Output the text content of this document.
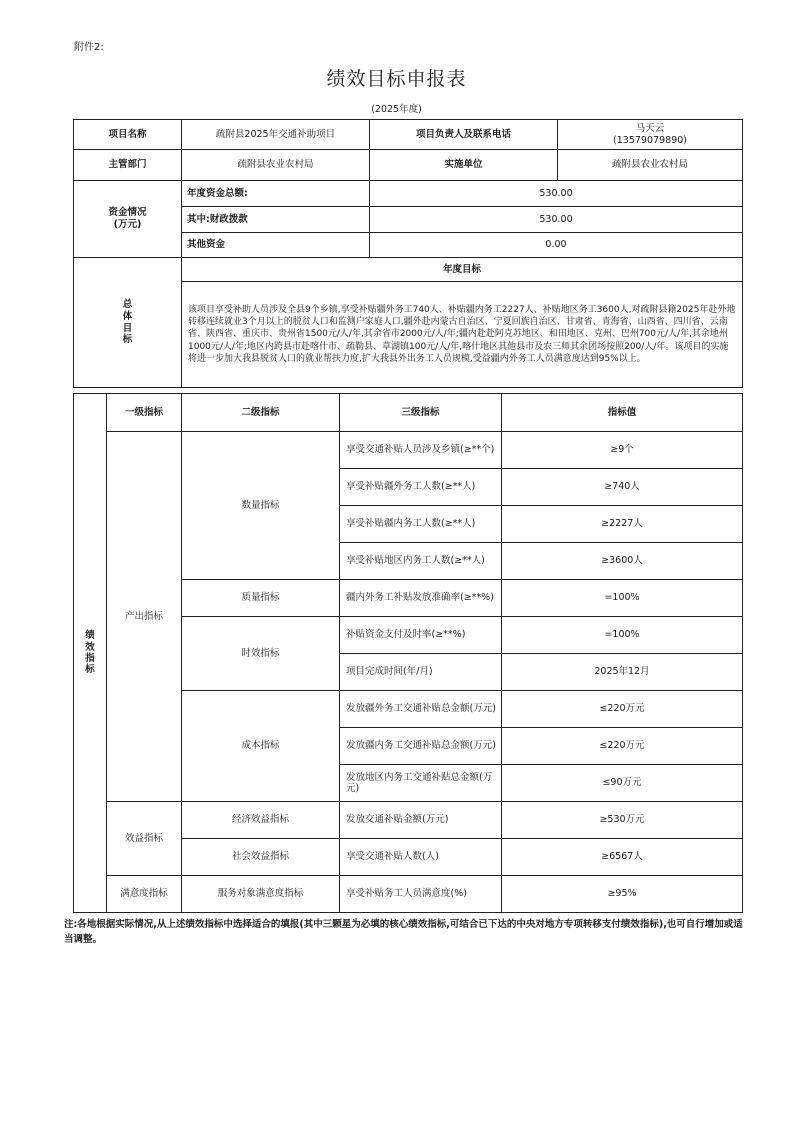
附件2:
绩效目标申报表
(2025年度)
项目名称	疏附县2025年交通补助项目	项目负责人及联系电话	马天云
(13579079890)

主管部门	疏附县农业农村局	实施单位	疏附县农业农村局

资金情况
(万元)	年度资金总额:	530.00	
	其中:财政拨款	530.00	
	其他资金	0.00	

总
体
目
标	年度目标		
	该项目享受补助人员涉及全县9个乡镇,享受补贴疆外务工740人、补贴疆内务工2227人、补贴地区务工3600人,对疏附县籍2025年赴外地转移连续就业3个月以上的脱贫人口和监测户家庭人口,疆外赴内蒙古自治区、宁夏回族自治区、甘肃省、青海省、山西省、四川省、云南省、陕西省、重庆市、贵州省1500元/人/年,其余省市2000元/人/年;疆内赴赴阿克苏地区、和田地区、克州、巴州700元/人/年,其余地州1000元/人/年;地区内跨县市赴喀什市、疏勒县、草湖镇100元/人/年,喀什地区其他县市及农三师其余团场按照200/人/年。该项目的实施将进一步加大我县脱贫人口的就业帮扶力度,扩大我县外出务工人员规模,受益疆内外务工人员满意度达到95%以上。		
绩
效
指
标	一级指标	二级指标	三级指标	指标值
	产出指标	数量指标	享受交通补贴人员涉及乡镇(≥**个)	≥9个
			享受补贴疆外务工人数(≥**人)	≥740人
			享受补贴疆内务工人数(≥**人)	≥2227人
			享受补贴地区内务工人数(≥**人)	≥3600人
		质量指标	疆内外务工补贴发放准确率(≥**%)	=100%
		时效指标	补贴资金支付及时率(≥**%)	=100%
			项目完成时间(年/月)	2025年12月
		成本指标	发放疆外务工交通补贴总金额(万元)	≤220万元
			发放疆内务工交通补贴总金额(万元)	≤220万元
			发放地区内务工交通补贴总金额(万元)	≤90万元
	效益指标	经济效益指标	发放交通补贴金额(万元)	≥530万元
		社会效益指标	享受交通补贴人数(人)	≥6567人
	满意度指标	服务对象满意度指标	享受补贴务工人员满意度(%)	≥95%
注:各地根据实际情况,从上述绩效指标中选择适合的填报(其中三颗星为必填的核心绩效指标,可结合已下达的中央对地方专项转移支付绩效指标),也可自行增加或适当调整。
